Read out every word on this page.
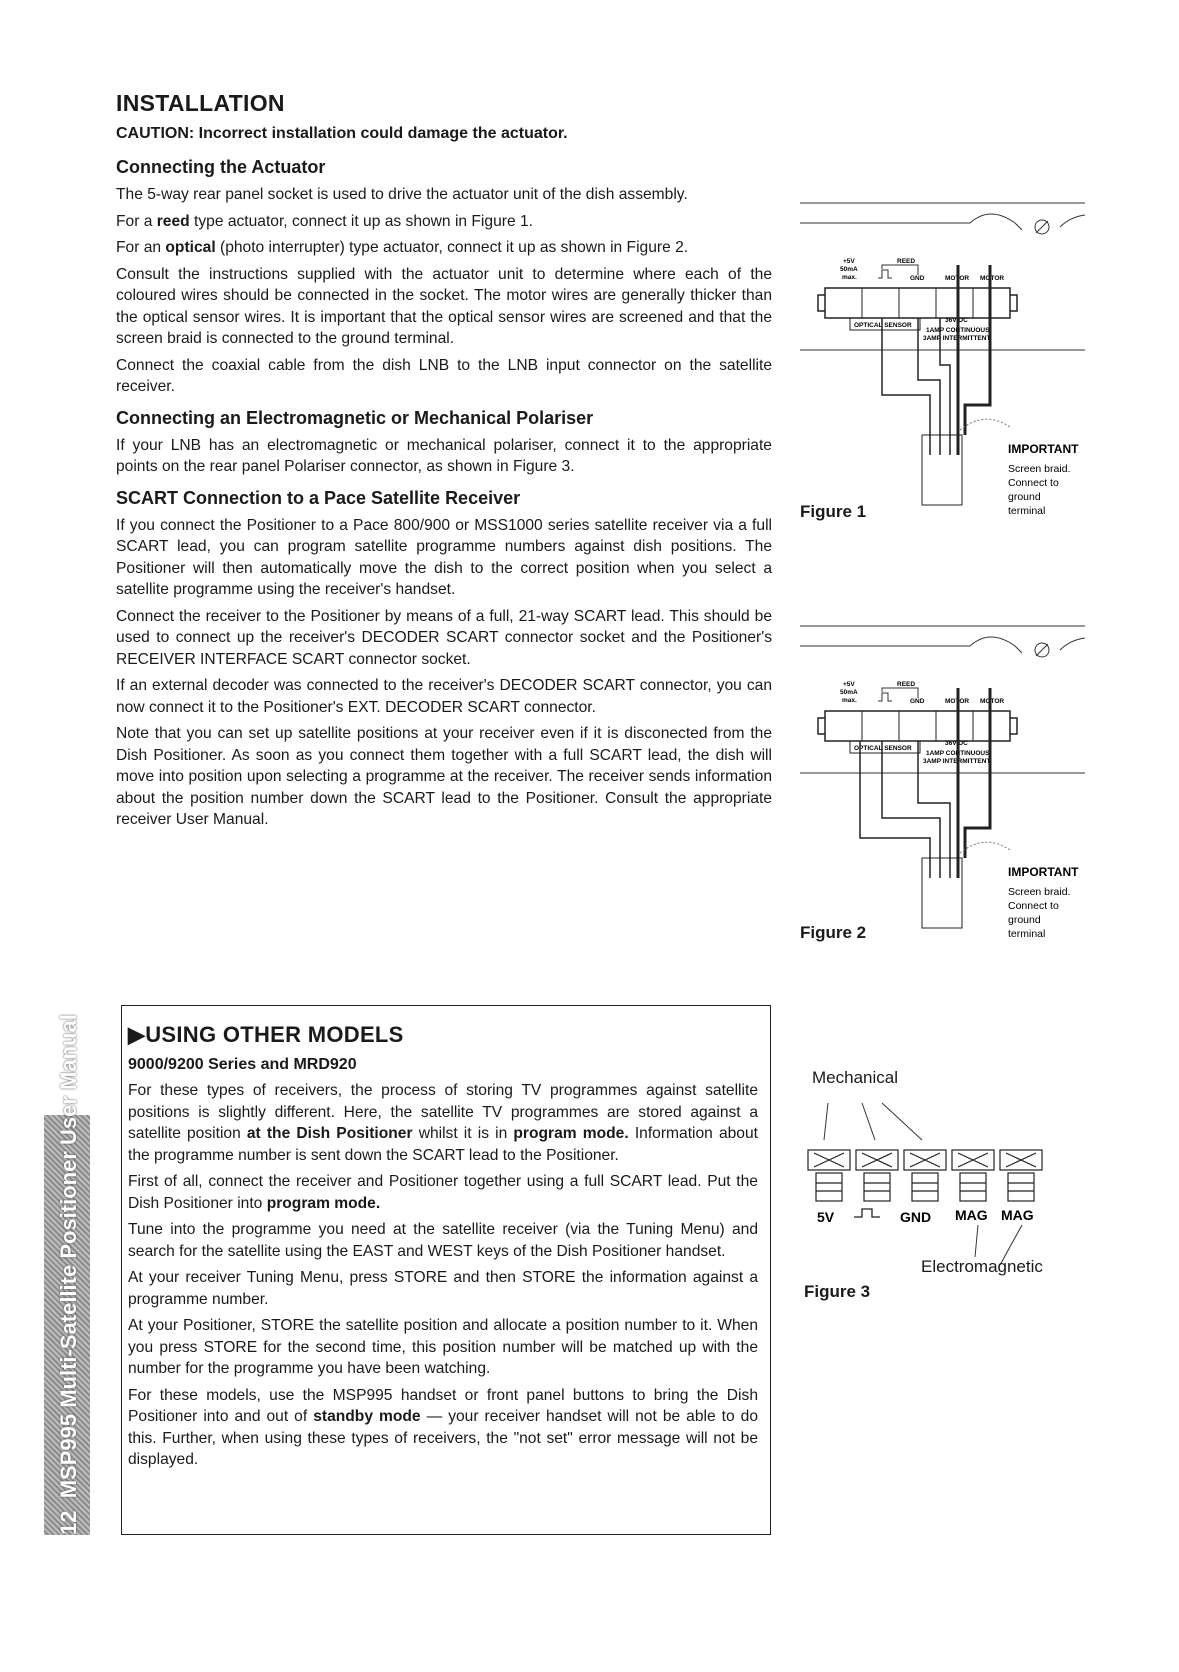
INSTALLATION
CAUTION: Incorrect installation could damage the actuator.
Connecting the Actuator

The 5-way rear panel socket is used to drive the actuator unit of the dish assembly.

For a reed type actuator, connect it up as shown in Figure 1.

For an optical (photo interrupter) type actuator, connect it up as shown in Figure 2.

Consult the instructions supplied with the actuator unit to determine where each of the coloured wires should be connected in the socket. The motor wires are generally thicker than the optical sensor wires. It is important that the optical sensor wires are screened and that the screen braid is connected to the ground terminal.

Connect the coaxial cable from the dish LNB to the LNB input connector on the satellite receiver.

Connecting an Electromagnetic or Mechanical Polariser

If your LNB has an electromagnetic or mechanical polariser, connect it to the appropriate points on the rear panel Polariser connector, as shown in Figure 3.

SCART Connection to a Pace Satellite Receiver

If you connect the Positioner to a Pace 800/900 or MSS1000 series satellite receiver via a full SCART lead, you can program satellite programme numbers against dish positions. The Positioner will then automatically move the dish to the correct position when you select a satellite programme using the receiver's handset.

Connect the receiver to the Positioner by means of a full, 21-way SCART lead. This should be used to connect up the receiver's DECODER SCART connector socket and the Positioner's RECEIVER INTERFACE SCART connector socket.

If an external decoder was connected to the receiver's DECODER SCART connector, you can now connect it to the Positioner's EXT. DECODER SCART connector.

Note that you can set up satellite positions at your receiver even if it is disconected from the Dish Positioner. As soon as you connect them together with a full SCART lead, the dish will move into position upon selecting a programme at the receiver. The receiver sends information about the position number down the SCART lead to the Positioner. Consult the appropriate receiver User Manual.

+5V
50mA
max.
REED
GND	MOTOR MOTOR
OPTICAL SENSOR
36V DC
1AMP CONTINUOUS
3AMP INTERMITTENT
IMPORTANT
Screen braid.
Connect to
ground
terminal
Figure 1
+5V
50mA
max.
REED
GND	MOTOR MOTOR
OPTICAL SENSOR
36V DC
1AMP CONTINUOUS
3AMP INTERMITTENT
IMPORTANT
Screen braid.
Connect to
ground
terminal
Figure 2
▶USING OTHER MODELS
9000/9200 Series and MRD920

For these types of receivers, the process of storing TV programmes against satellite positions is slightly different. Here, the satellite TV programmes are stored against a satellite position at the Dish Positioner whilst it is in program mode. Information about the programme number is sent down the SCART lead to the Positioner.

First of all, connect the receiver and Positioner together using a full SCART lead. Put the Dish Positioner into program mode.

Tune into the programme you need at the satellite receiver (via the Tuning Menu) and search for the satellite using the EAST and WEST keys of the Dish Positioner handset.

At your receiver Tuning Menu, press STORE and then STORE the information against a programme number.

At your Positioner, STORE the satellite position and allocate a position number to it. When you press STORE for the second time, this position number will be matched up with the number for the programme you have been watching.

For these models, use the MSP995 handset or front panel buttons to bring the Dish Positioner into and out of standby mode — your receiver handset will not be able to do this. Further, when using these types of receivers, the "not set" error message will not be displayed.

Mechanical
5V	GND MAG MAG
Electromagnetic
Figure 3
12  MSP995 Multi-Satellite Positioner User Manual
